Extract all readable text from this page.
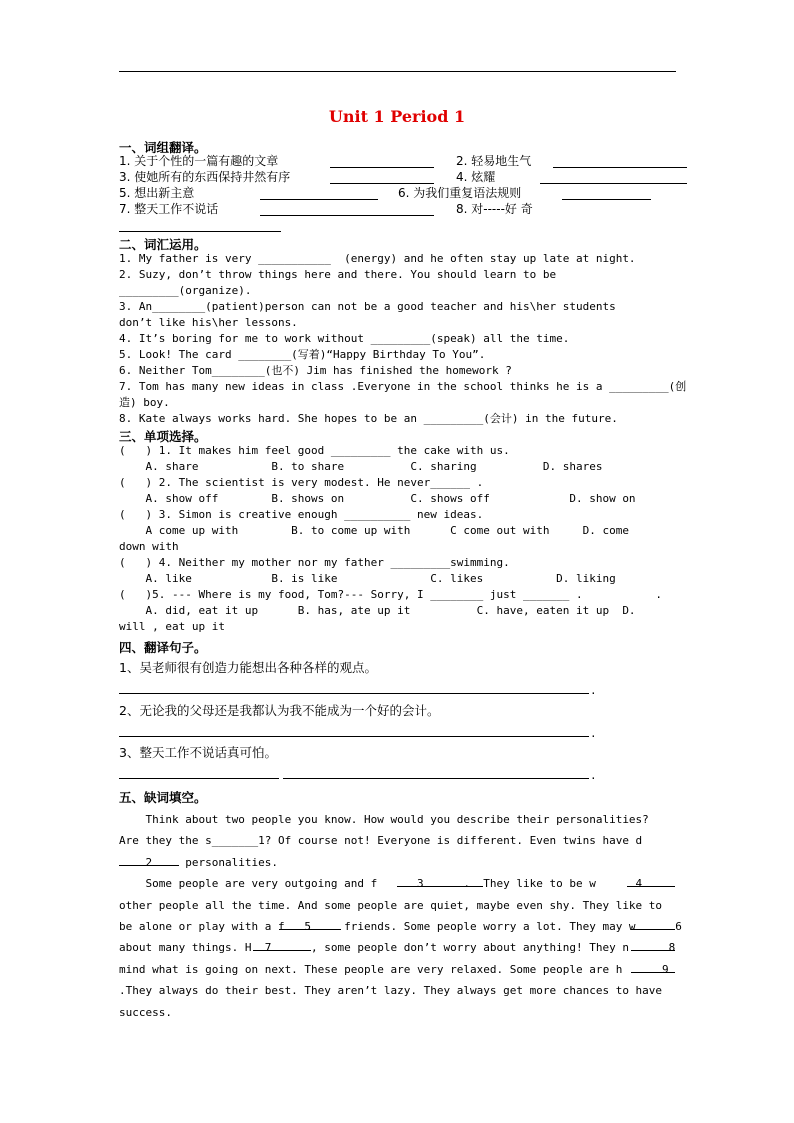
Unit 1 Period 1
一、词组翻译。
1. 关于个性的一篇有趣的文章	2. 轻易地生气
3. 使她所有的东西保持井然有序	4. 炫耀
5. 想出新主意	6. 为我们重复语法规则
7. 整天工作不说话	8. 对-----好 奇
二、词汇运用。
1. My father is very ___________  (energy) and he often stay up late at night.
2. Suzy, don’t throw things here and there. You should learn to be
_________(organize).
3. An________(patient)person can not be a good teacher and his\her students
don’t like his\her lessons.
4. It’s boring for me to work without _________(speak) all the time.
5. Look! The card ________(写着)“Happy Birthday To You”.
6. Neither Tom________(也不) Jim has finished the homework ?
7. Tom has many new ideas in class .Everyone in the school thinks he is a _________(创
造) boy.
8. Kate always works hard. She hopes to be an _________(会计) in the future.
三、单项选择。
(   ) 1. It makes him feel good _________ the cake with us.
A. share           B. to share          C. sharing          D. shares
(   ) 2. The scientist is very modest. He never______ .
A. show off        B. shows on          C. shows off            D. show on
(   ) 3. Simon is creative enough __________ new ideas.
A come up with        B. to come up with      C come out with     D. come
down with
(   ) 4. Neither my mother nor my father _________swimming.
A. like            B. is like              C. likes           D. liking
(   )5. --- Where is my food, Tom?--- Sorry, I ________ just _______ .           .
A. did, eat it up      B. has, ate up it          C. have, eaten it up  D.
will , eat up it
四、翻译句子。
1、吴老师很有创造力能想出各种各样的观点。
.
2、无论我的父母还是我都认为我不能成为一个好的会计。
.
3、整天工作不说话真可怕。
.
五、缺词填空。
Think about two people you know. How would you describe their personalities?
Are they the s_______1? Of course not! Everyone is different. Even twins have d
2     personalities.
Some people are very outgoing and f      3      .  They like to be w      4
other people all the time. And some people are quiet, maybe even shy. They like to
be alone or play with a f   5     friends. Some people worry a lot. They may w      6
about many things. H  7      , some people don’t worry about anything! They n      8
mind what is going on next. These people are very relaxed. Some people are h      9
.They always do their best. They aren’t lazy. They always get more chances to have
success.
